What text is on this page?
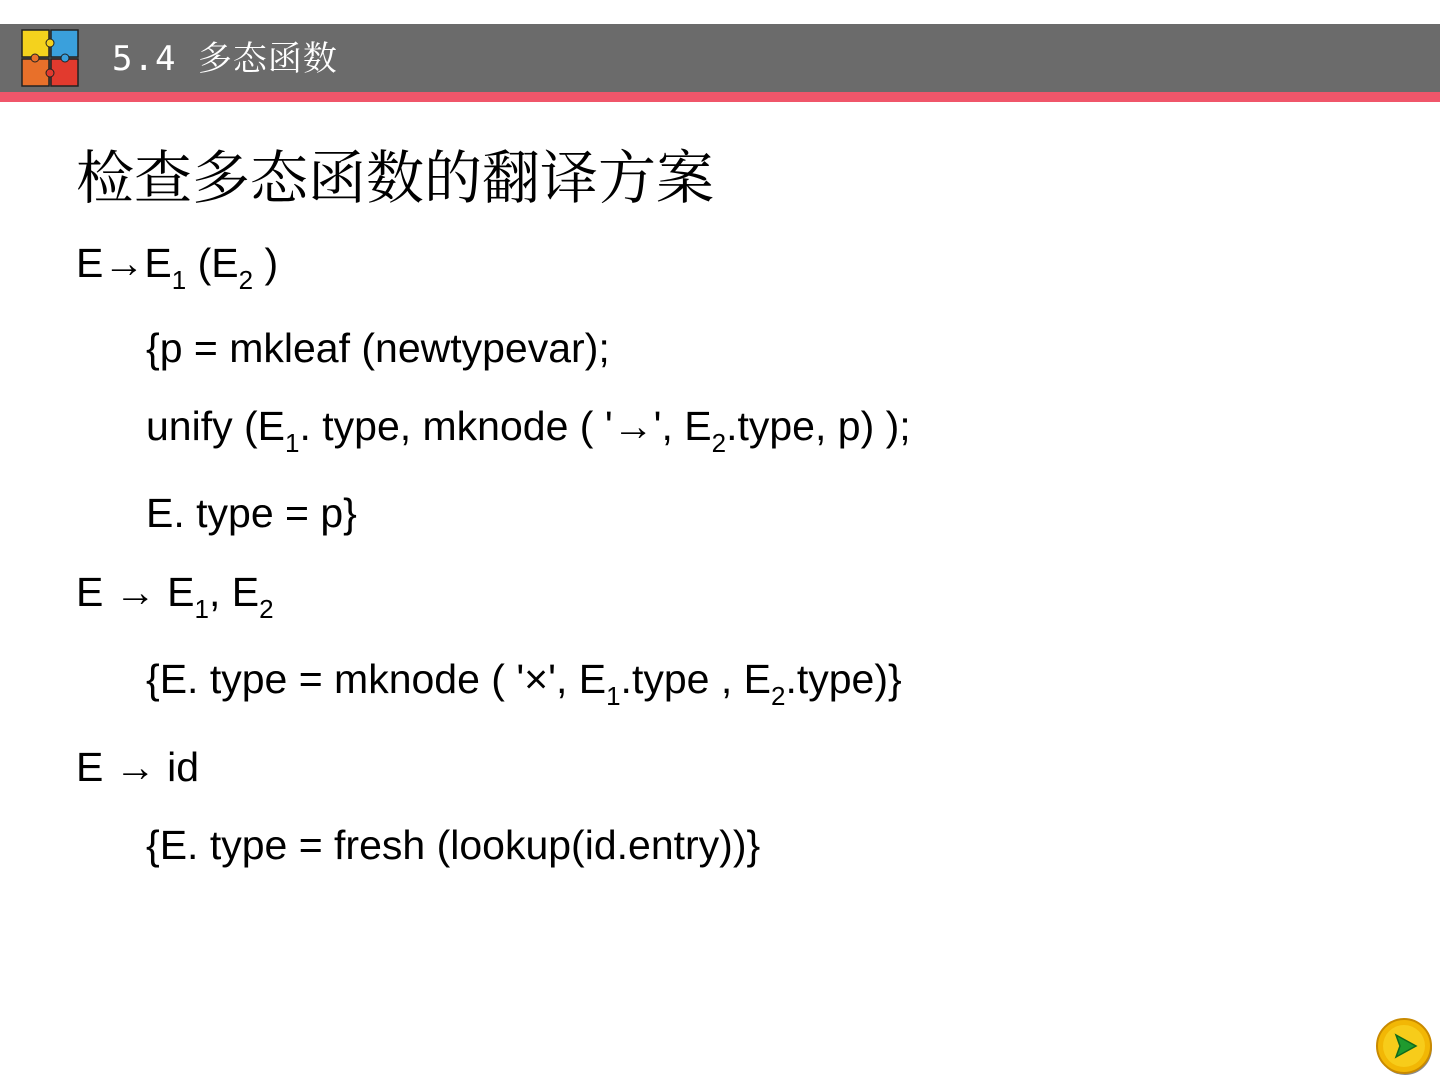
5.4 多态函数
检查多态函数的翻译方案
$E\to E_1$ ($E_2$ )
{p = mkleaf (newtypevar);
unify ($E_1$. type, mknode ( '→', $E_2.type$, p) );
E. type = p}
$E \to E_1$, $E_2$
{E. type = mknode ( '×', $E_1.type$ , $E_2.type$)}
E → id
{E. type = fresh (lookup(id.entry))}
